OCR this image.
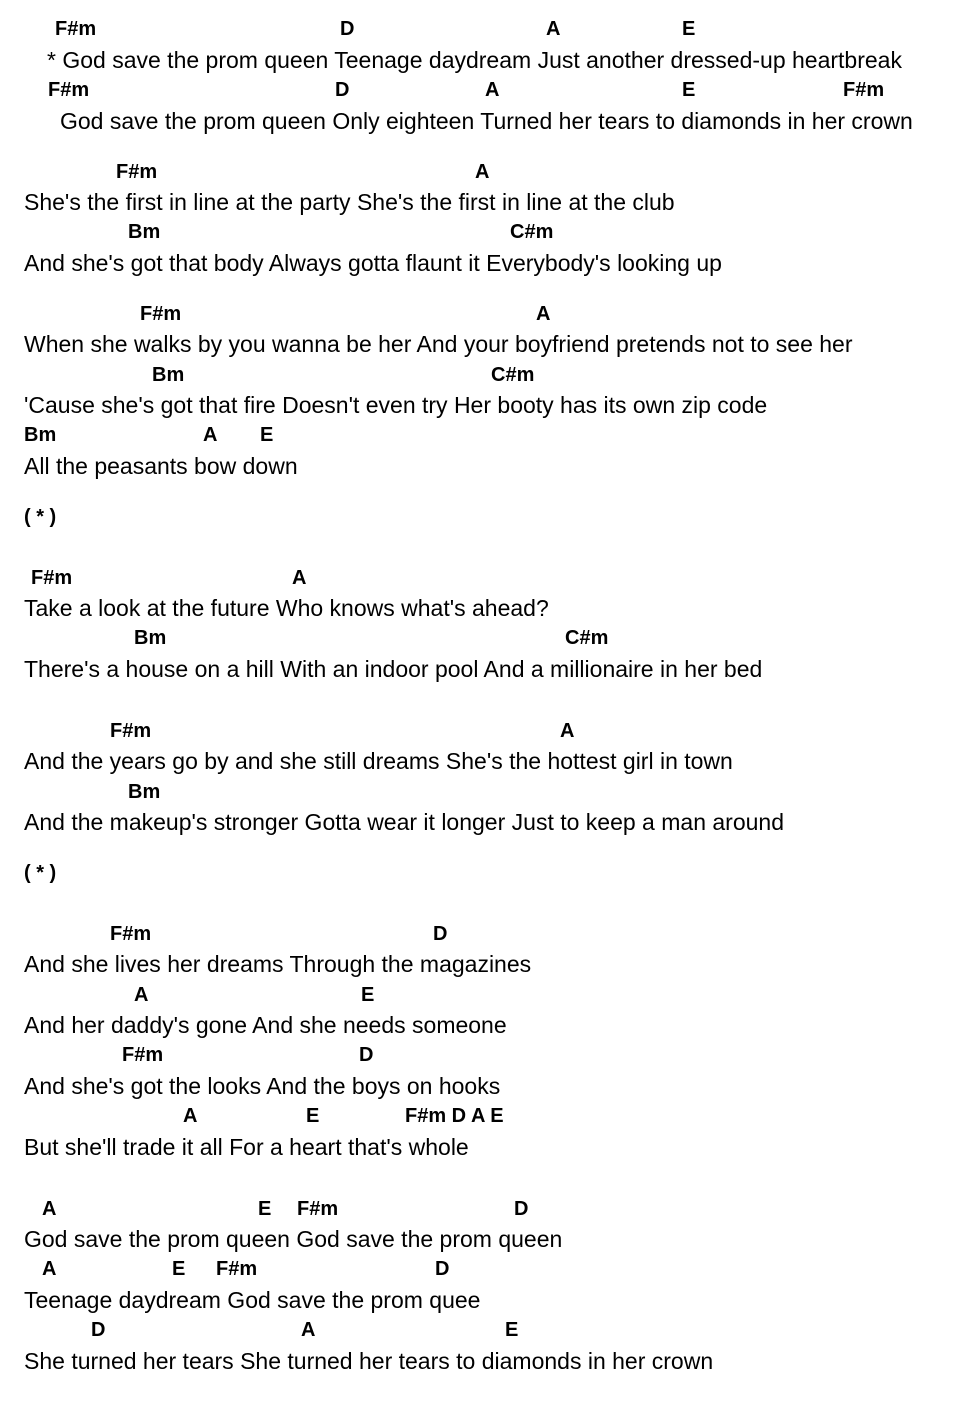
F#m	D	A	E
* God save the prom queen Teenage daydream Just another dressed-up heartbreak
F#m	D	A	E	F#m
God save the prom queen Only eighteen Turned her tears to diamonds in her crown
F#m	A
She's the first in line at the party She's the first in line at the club
Bm	C#m
And she's got that body Always gotta flaunt it Everybody's looking up
F#m	A
When she walks by you wanna be her And your boyfriend pretends not to see her
Bm	C#m
'Cause she's got that fire Doesn't even try Her booty has its own zip code
Bm	A E
All the peasants bow down
( * )
F#m	A
Take a look at the future Who knows what's ahead?
Bm	C#m
There's a house on a hill With an indoor pool And a millionaire in her bed
F#m	A
And the years go by and she still dreams She's the hottest girl in town
Bm
And the makeup's stronger Gotta wear it longer Just to keep a man around
( * )
F#m	D
And she lives her dreams Through the magazines
A	E
And her daddy's gone And she needs someone
F#m	D
And she's got the looks And the boys on hooks
A	E	F#m D A E
But she'll trade it all For a heart that's whole
A	E F#m	D
God save the prom queen God save the prom queen
A	E F#m	D
Teenage daydream God save the prom quee
D	A	E
She turned her tears She turned her tears to diamonds in her crown
